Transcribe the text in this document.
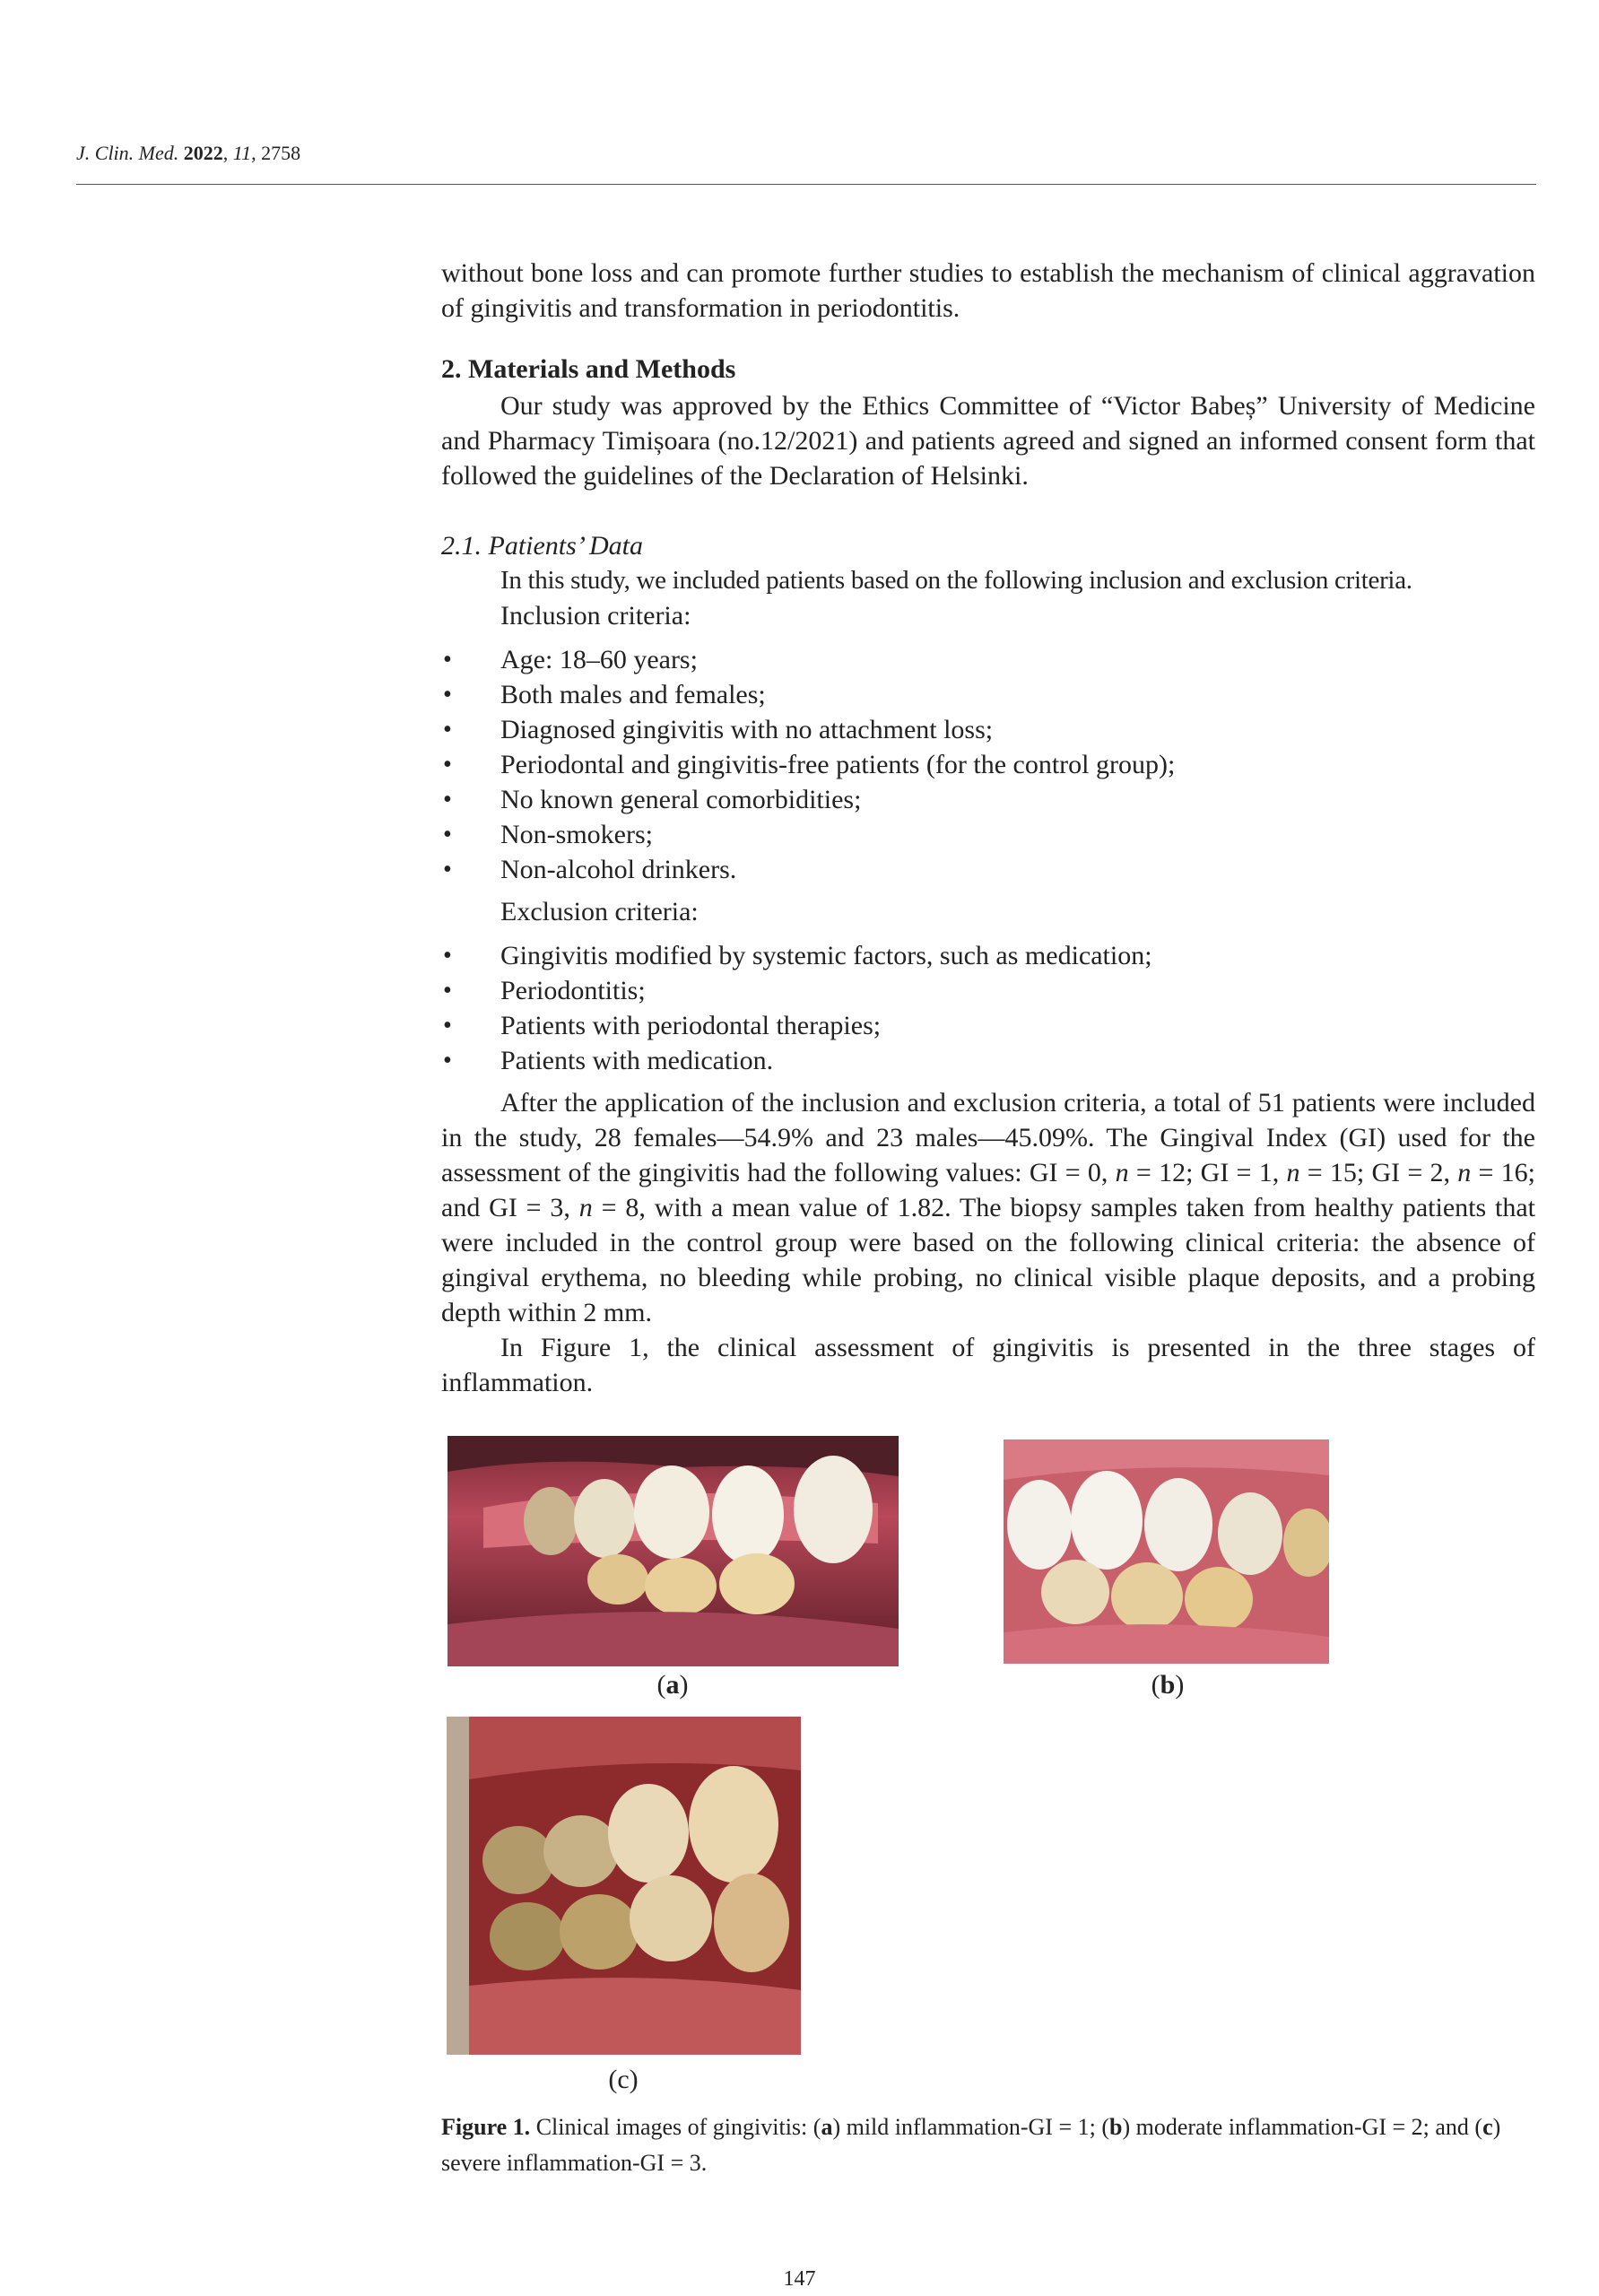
J. Clin. Med. 2022, 11, 2758

without bone loss and can promote further studies to establish the mechanism of clinical aggravation of gingivitis and transformation in periodontitis.

2. Materials and Methods

Our study was approved by the Ethics Committee of “Victor Babeș” University of Medicine and Pharmacy Timișoara (no.12/2021) and patients agreed and signed an informed consent form that followed the guidelines of the Declaration of Helsinki.

2.1. Patients’ Data

In this study, we included patients based on the following inclusion and exclusion criteria.

Inclusion criteria:

• Age: 18–60 years;
• Both males and females;
• Diagnosed gingivitis with no attachment loss;
• Periodontal and gingivitis-free patients (for the control group);
• No known general comorbidities;
• Non-smokers;
• Non-alcohol drinkers.

Exclusion criteria:

• Gingivitis modified by systemic factors, such as medication;
• Periodontitis;
• Patients with periodontal therapies;
• Patients with medication.

After the application of the inclusion and exclusion criteria, a total of 51 patients were included in the study, 28 females—54.9% and 23 males—45.09%. The Gingival Index (GI) used for the assessment of the gingivitis had the following values: GI = 0, n = 12; GI = 1, n = 15; GI = 2, n = 16; and GI = 3, n = 8, with a mean value of 1.82. The biopsy samples taken from healthy patients that were included in the control group were based on the following clinical criteria: the absence of gingival erythema, no bleeding while probing, no clinical visible plaque deposits, and a probing depth within 2 mm.

In Figure 1, the clinical assessment of gingivitis is presented in the three stages of inflammation.

(a)	(b)
(c)
Figure 1. Clinical images of gingivitis: (a) mild inflammation-GI = 1; (b) moderate inflammation-GI = 2; and (c) severe inflammation-GI = 3.
147
